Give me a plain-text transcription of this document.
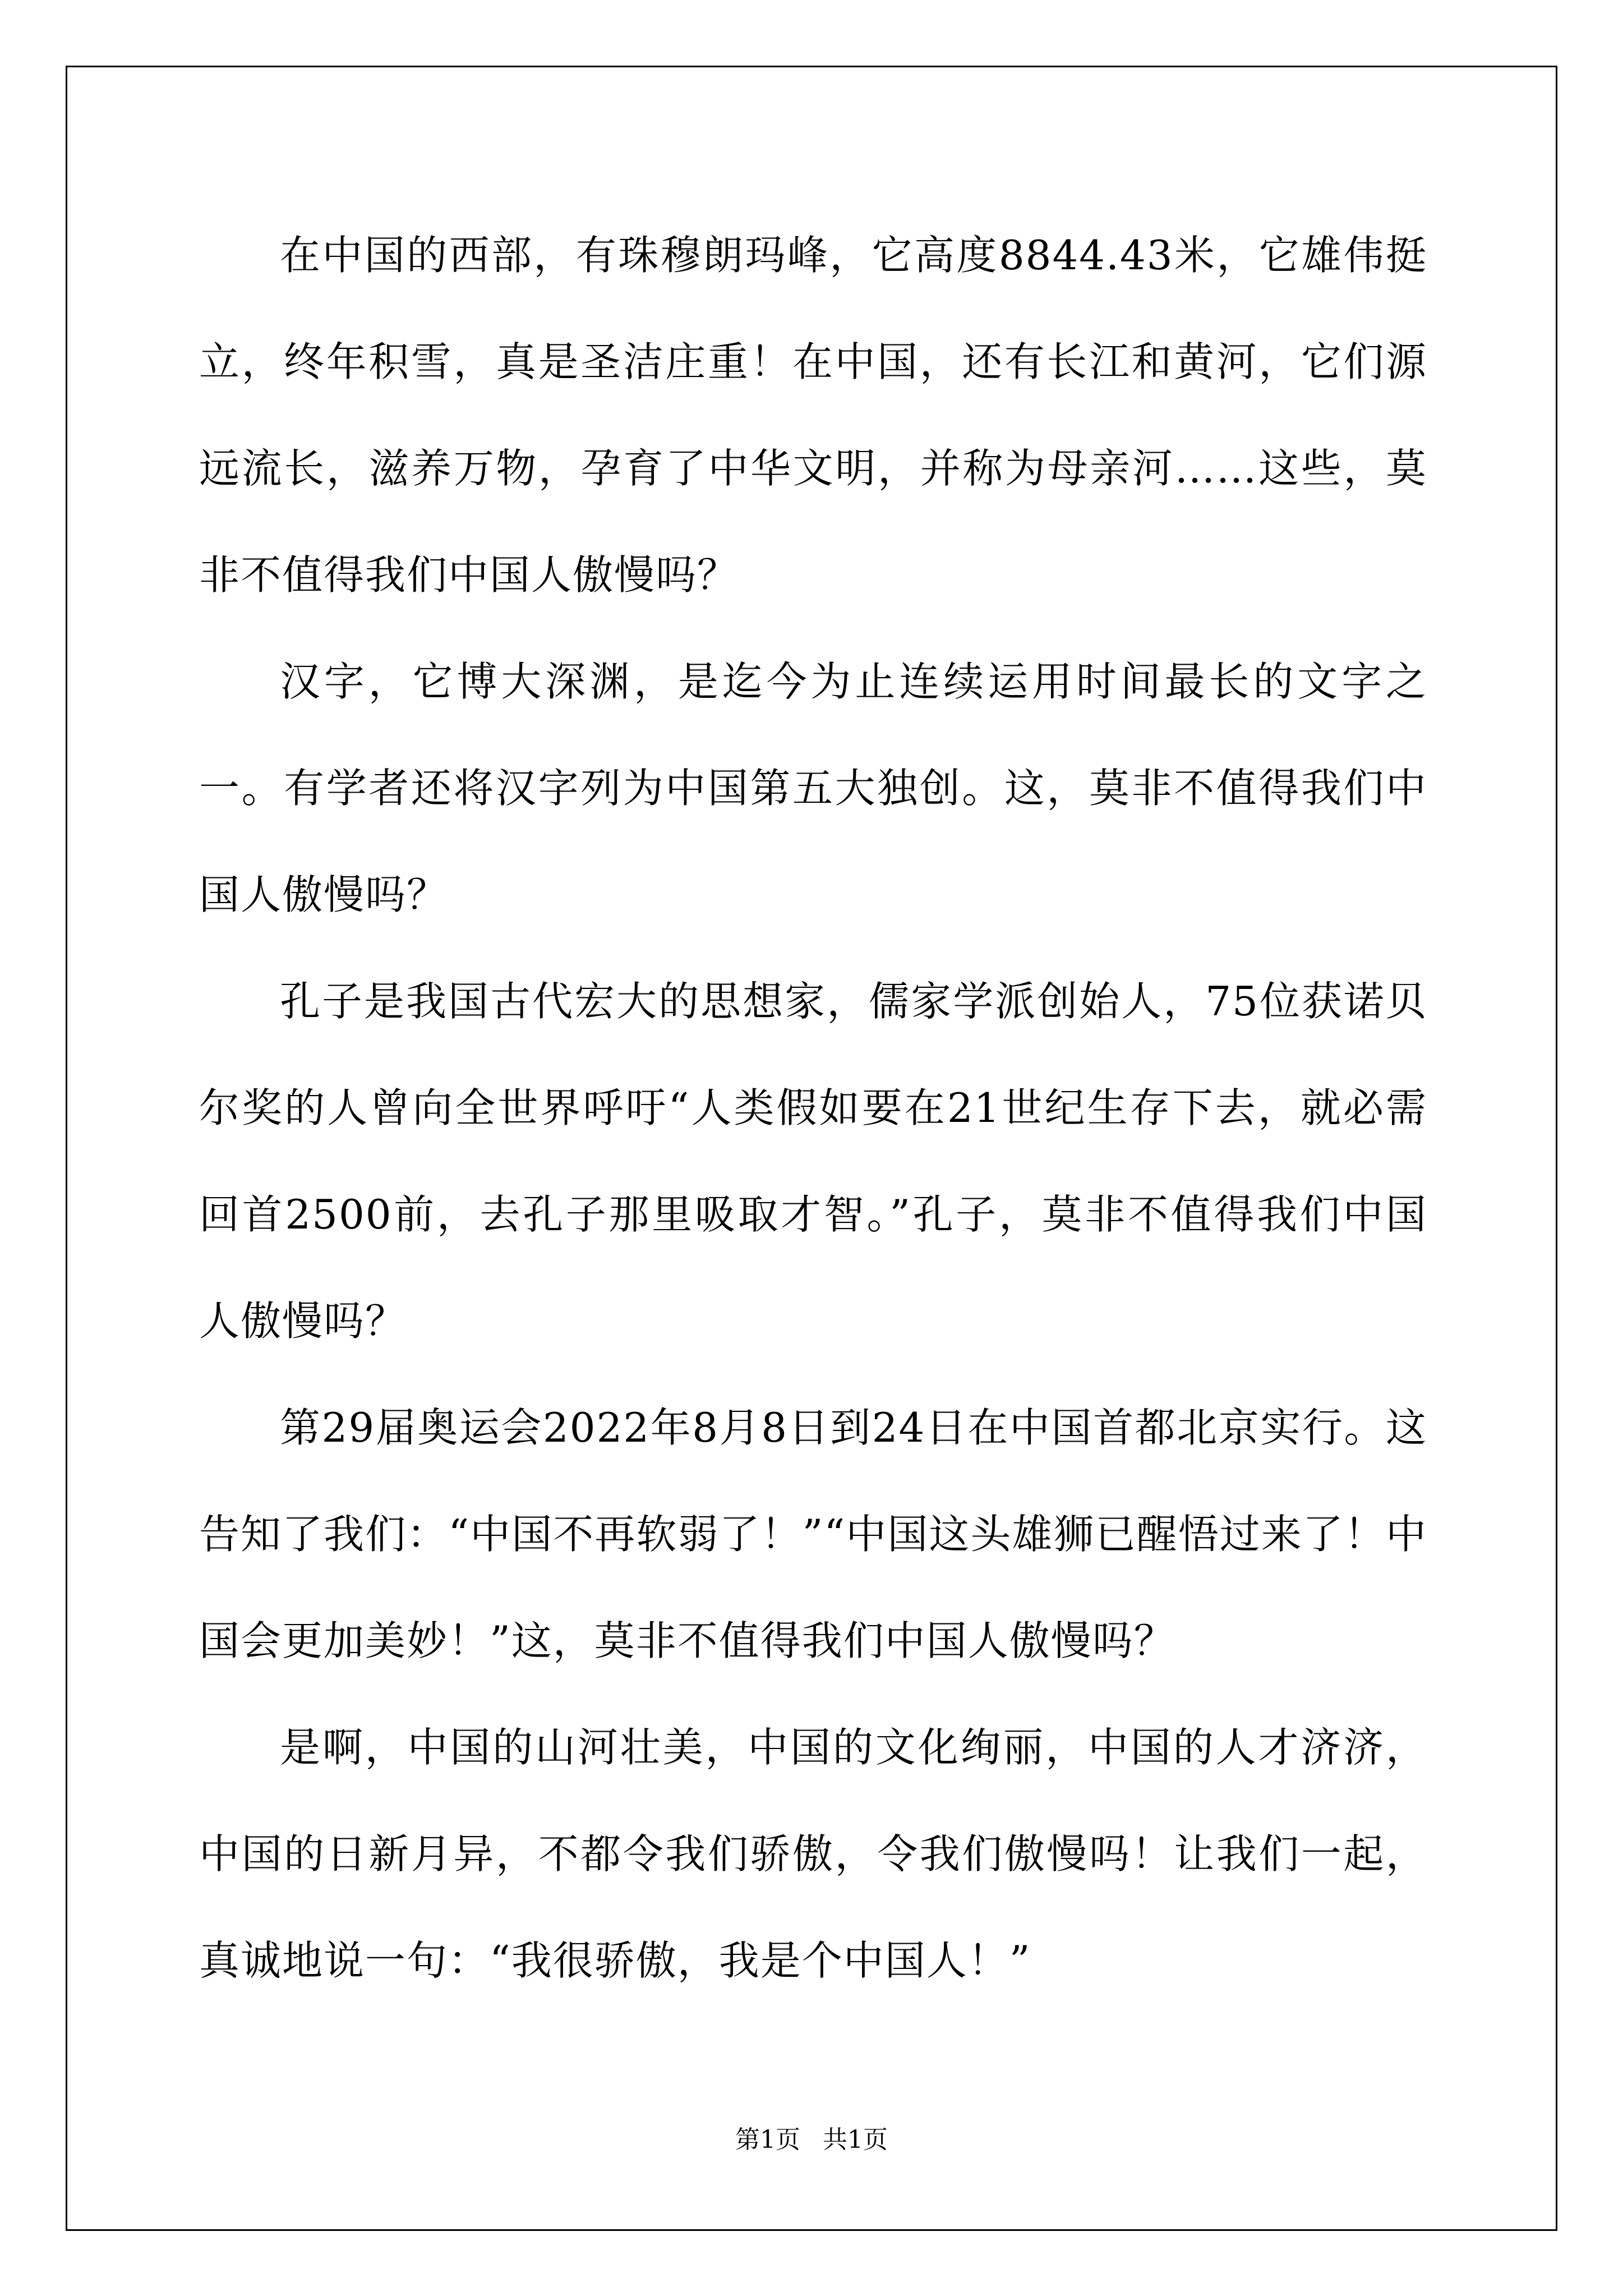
在中国的西部，有珠穆朗玛峰，它高度8844.43米，它雄伟挺立，终年积雪，真是圣洁庄重！在中国，还有长江和黄河，它们源远流长，滋养万物，孕育了中华文明，并称为母亲河……这些，莫非不值得我们中国人傲慢吗？

汉字，它博大深渊，是迄今为止连续运用时间最长的文字之一。有学者还将汉字列为中国第五大独创。这，莫非不值得我们中国人傲慢吗？

孔子是我国古代宏大的思想家，儒家学派创始人，75位获诺贝尔奖的人曾向全世界呼吁“人类假如要在21世纪生存下去，就必需回首2500前，去孔子那里吸取才智。”孔子，莫非不值得我们中国人傲慢吗？

第29届奥运会2022年8月8日到24日在中国首都北京实行。这告知了我们：“中国不再软弱了！”“中国这头雄狮已醒悟过来了！中国会更加美妙！”这，莫非不值得我们中国人傲慢吗？

是啊，中国的山河壮美，中国的文化绚丽，中国的人才济济，中国的日新月异，不都令我们骄傲，令我们傲慢吗！让我们一起，真诚地说一句：“我很骄傲，我是个中国人！”

第1页 共1页
